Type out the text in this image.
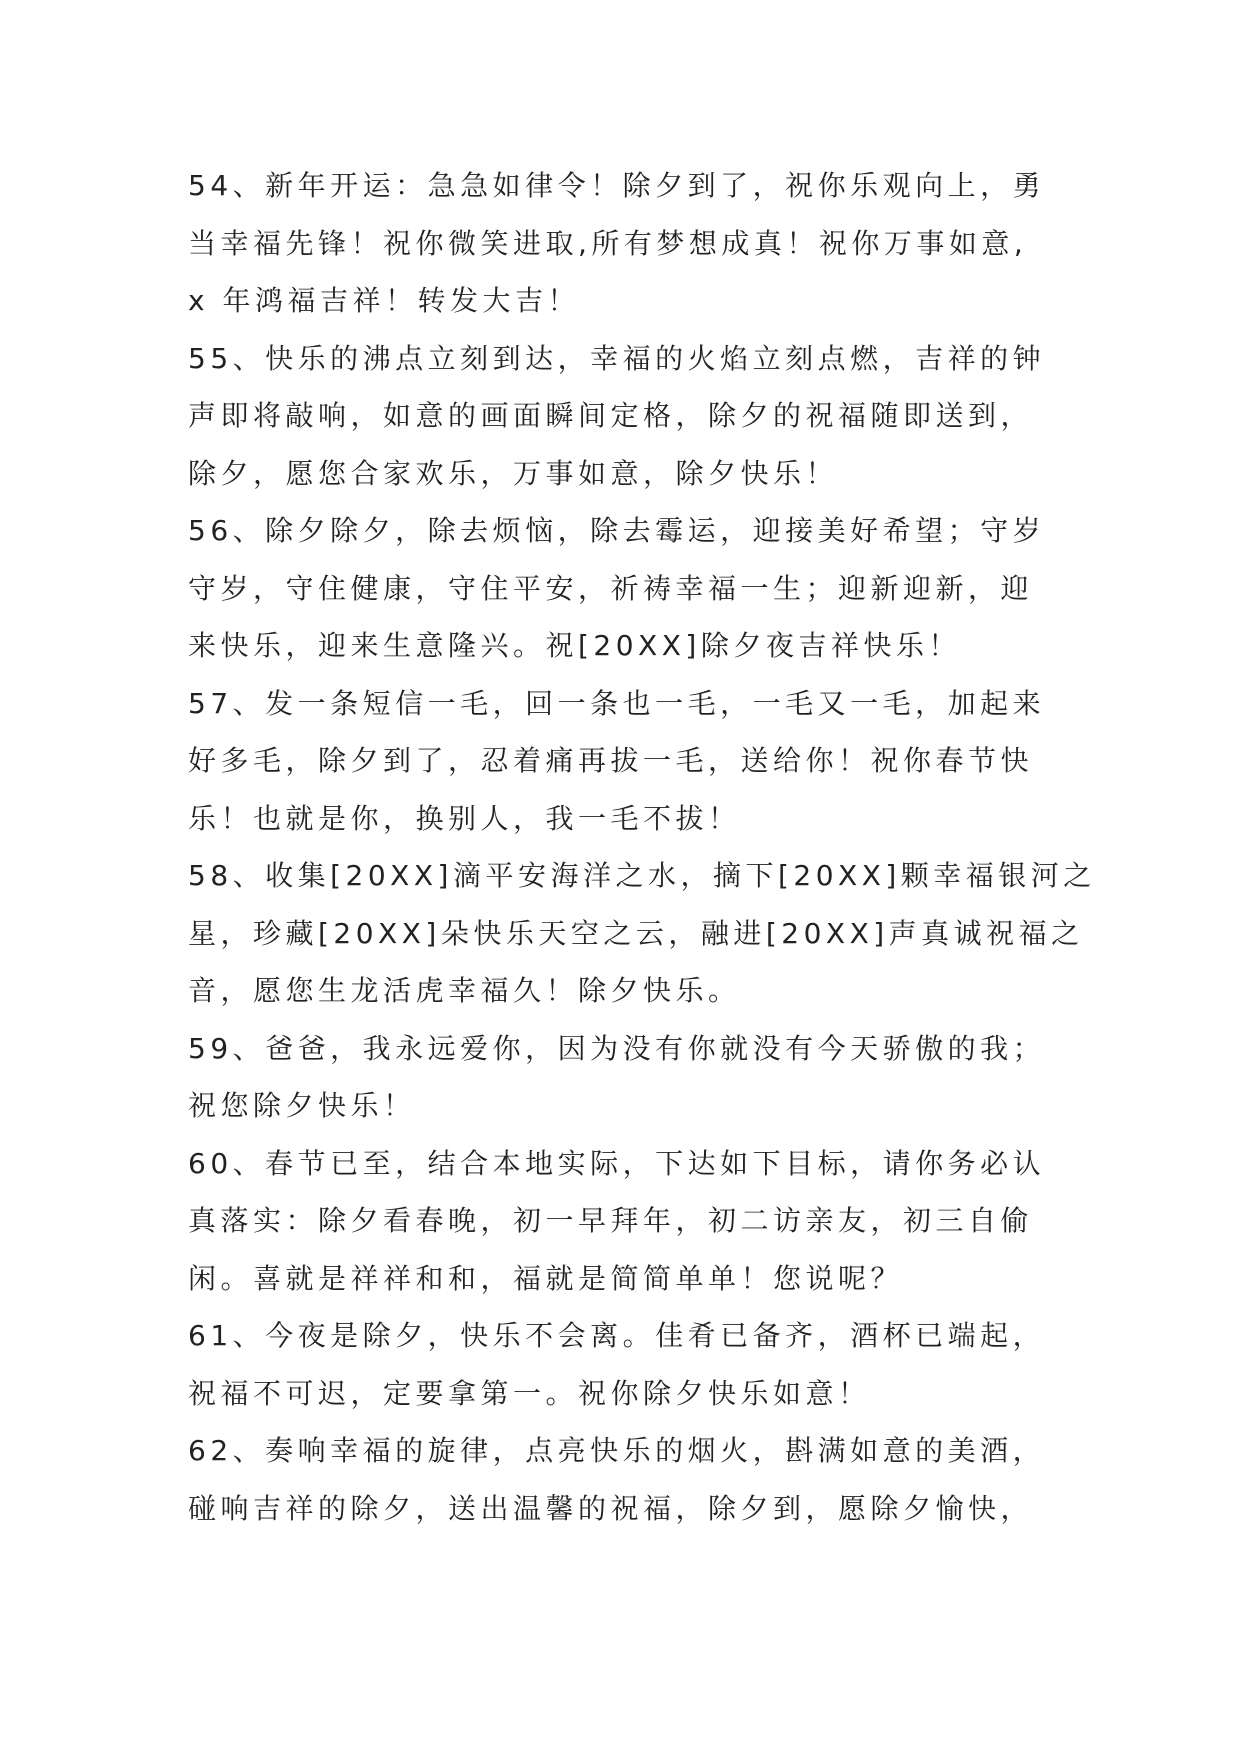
54、新年开运：急急如律令！除夕到了，祝你乐观向上，勇
当幸福先锋！祝你微笑进取,所有梦想成真！祝你万事如意,
x 年鸿福吉祥！转发大吉！
55、快乐的沸点立刻到达，幸福的火焰立刻点燃，吉祥的钟
声即将敲响，如意的画面瞬间定格，除夕的祝福随即送到，
除夕，愿您合家欢乐，万事如意，除夕快乐！
56、除夕除夕，除去烦恼，除去霉运，迎接美好希望；守岁
守岁，守住健康，守住平安，祈祷幸福一生；迎新迎新，迎
来快乐，迎来生意隆兴。祝[20XX]除夕夜吉祥快乐！
57、发一条短信一毛，回一条也一毛，一毛又一毛，加起来
好多毛，除夕到了，忍着痛再拔一毛，送给你！祝你春节快
乐！也就是你，换别人，我一毛不拔！
58、收集[20XX]滴平安海洋之水，摘下[20XX]颗幸福银河之
星，珍藏[20XX]朵快乐天空之云，融进[20XX]声真诚祝福之
音，愿您生龙活虎幸福久！除夕快乐。
59、爸爸，我永远爱你，因为没有你就没有今天骄傲的我；
祝您除夕快乐！
60、春节已至，结合本地实际，下达如下目标，请你务必认
真落实：除夕看春晚，初一早拜年，初二访亲友，初三自偷
闲。喜就是祥祥和和，福就是简简单单！您说呢？
61、今夜是除夕，快乐不会离。佳肴已备齐，酒杯已端起，
祝福不可迟，定要拿第一。祝你除夕快乐如意！
62、奏响幸福的旋律，点亮快乐的烟火，斟满如意的美酒，
碰响吉祥的除夕，送出温馨的祝福，除夕到，愿除夕愉快，
